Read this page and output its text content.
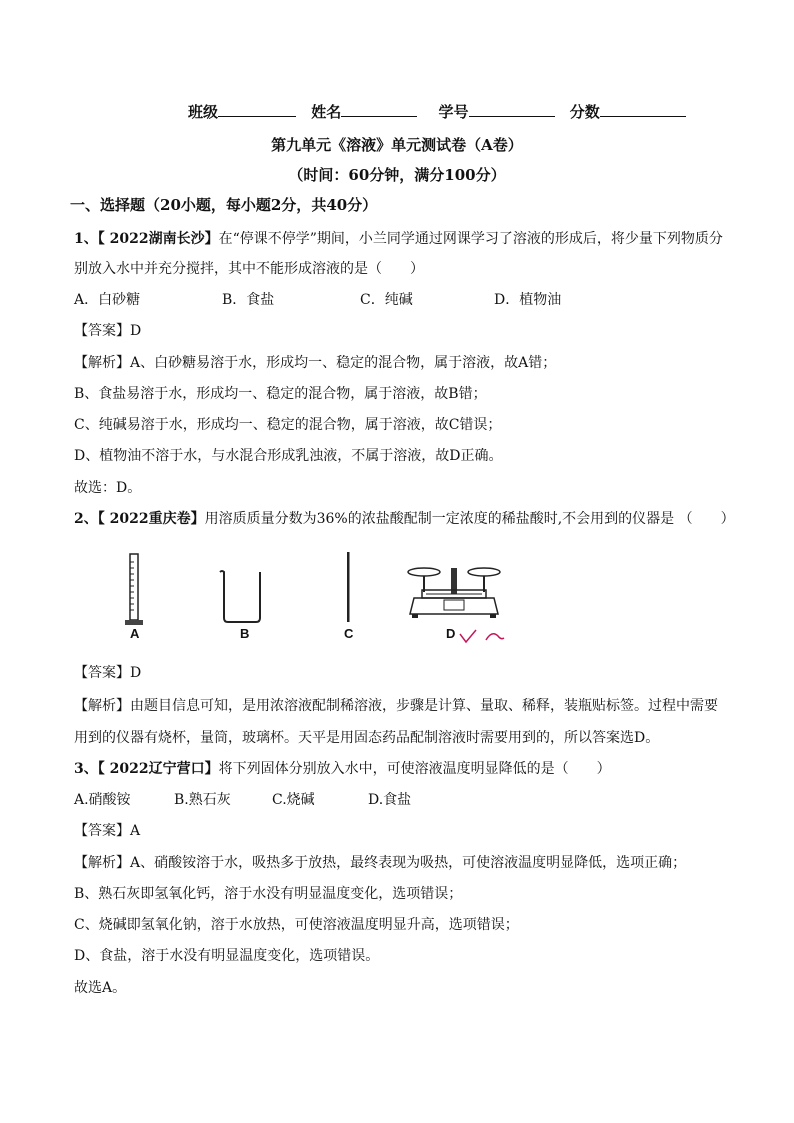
班级	姓名	学号	分数
第九单元《溶液》单元测试卷（A卷）
（时间：60分钟，满分100分）
一、选择题（20小题，每小题2分，共40分）
1、【 2022湖南长沙】在“停课不停学”期间，小兰同学通过网课学习了溶液的形成后，将少量下列物质分
别放入水中并充分搅拌，其中不能形成溶液的是（　　）
A．白砂糖	B．食盐	C．纯碱	D．植物油
【答案】D
【解析】A、白砂糖易溶于水，形成均一、稳定的混合物，属于溶液，故A错；
B、食盐易溶于水，形成均一、稳定的混合物，属于溶液，故B错；
C、纯碱易溶于水，形成均一、稳定的混合物，属于溶液，故C错误；
D、植物油不溶于水，与水混合形成乳浊液，不属于溶液，故D正确。
故选：D。
2、【 2022重庆卷】用溶质质量分数为36%的浓盐酸配制一定浓度的稀盐酸时,不会用到的仪器是 （　　）
A	B	C	D
【答案】D
【解析】由题目信息可知，是用浓溶液配制稀溶液，步骤是计算、量取、稀释，装瓶贴标签。过程中需要
用到的仪器有烧杯，量筒，玻璃杯。天平是用固态药品配制溶液时需要用到的，所以答案选D。
3、【 2022辽宁营口】将下列固体分别放入水中，可使溶液温度明显降低的是（　　）
A.硝酸铵	B.熟石灰	C.烧碱	D.食盐
【答案】A
【解析】A、硝酸铵溶于水，吸热多于放热，最终表现为吸热，可使溶液温度明显降低，选项正确；
B、熟石灰即氢氧化钙，溶于水没有明显温度变化，选项错误；
C、烧碱即氢氧化钠，溶于水放热，可使溶液温度明显升高，选项错误；
D、食盐，溶于水没有明显温度变化，选项错误。
故选A。
